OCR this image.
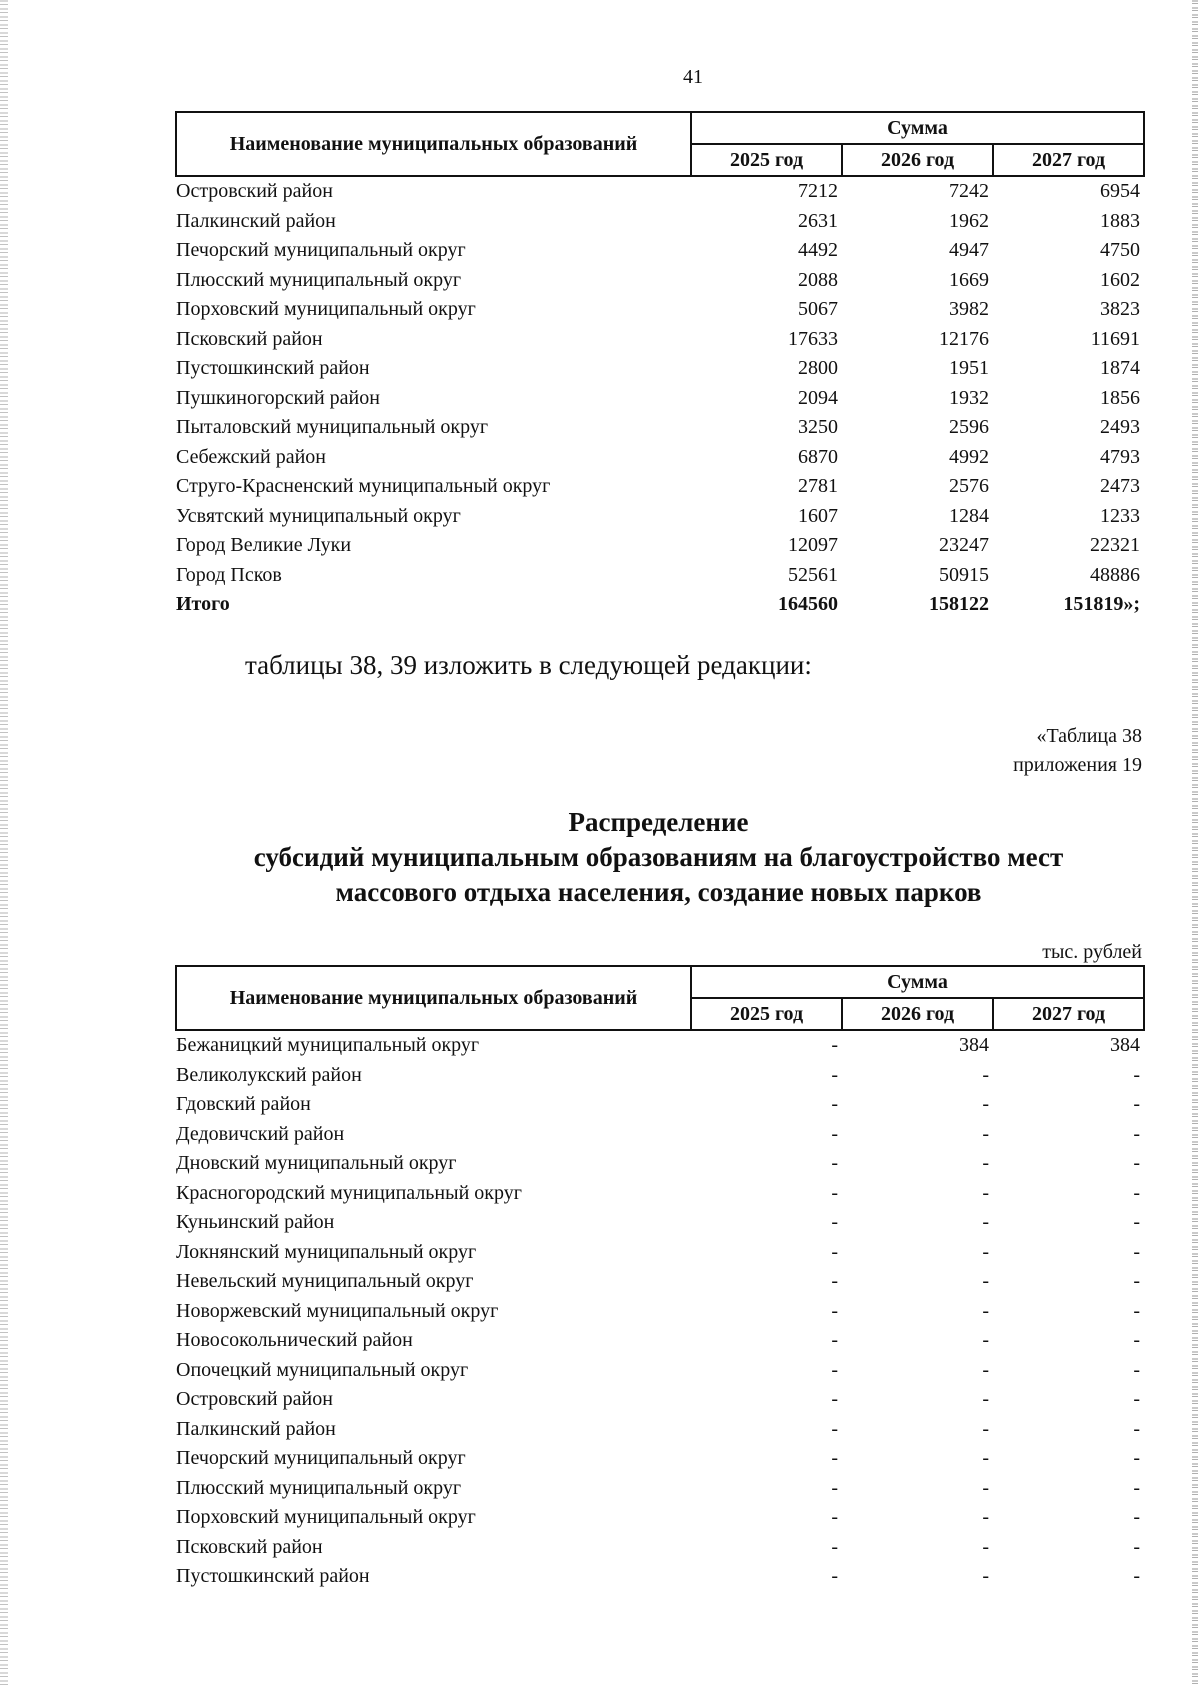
41
Наименование муниципальных образований	Сумма		
	2025 год	2026 год	2027 год
Островский район	7212	7242	6954
Палкинский район	2631	1962	1883
Печорский муниципальный округ	4492	4947	4750
Плюсский муниципальный округ	2088	1669	1602
Порховский муниципальный округ	5067	3982	3823
Псковский район	17633	12176	11691
Пустошкинский район	2800	1951	1874
Пушкиногорский район	2094	1932	1856
Пыталовский муниципальный округ	3250	2596	2493
Себежский район	6870	4992	4793
Струго-Красненский муниципальный округ	2781	2576	2473
Усвятский муниципальный округ	1607	1284	1233
Город Великие Луки	12097	23247	22321
Город Псков	52561	50915	48886
Итого	164560	158122	151819»;
таблицы 38, 39 изложить в следующей редакции:
«Таблица 38
приложения 19
Распределение
субсидий муниципальным образованиям на благоустройство мест
массового отдыха населения, создание новых парков
тыс. рублей
Наименование муниципальных образований	Сумма		
	2025 год	2026 год	2027 год
Бежаницкий муниципальный округ	-	384	384
Великолукский район	-	-	-
Гдовский район	-	-	-
Дедовичский район	-	-	-
Дновский муниципальный округ	-	-	-
Красногородский муниципальный округ	-	-	-
Куньинский район	-	-	-
Локнянский муниципальный округ	-	-	-
Невельский муниципальный округ	-	-	-
Новоржевский муниципальный округ	-	-	-
Новосокольнический район	-	-	-
Опочецкий муниципальный округ	-	-	-
Островский район	-	-	-
Палкинский район	-	-	-
Печорский муниципальный округ	-	-	-
Плюсский муниципальный округ	-	-	-
Порховский муниципальный округ	-	-	-
Псковский район	-	-	-
Пустошкинский район	-	-	-
